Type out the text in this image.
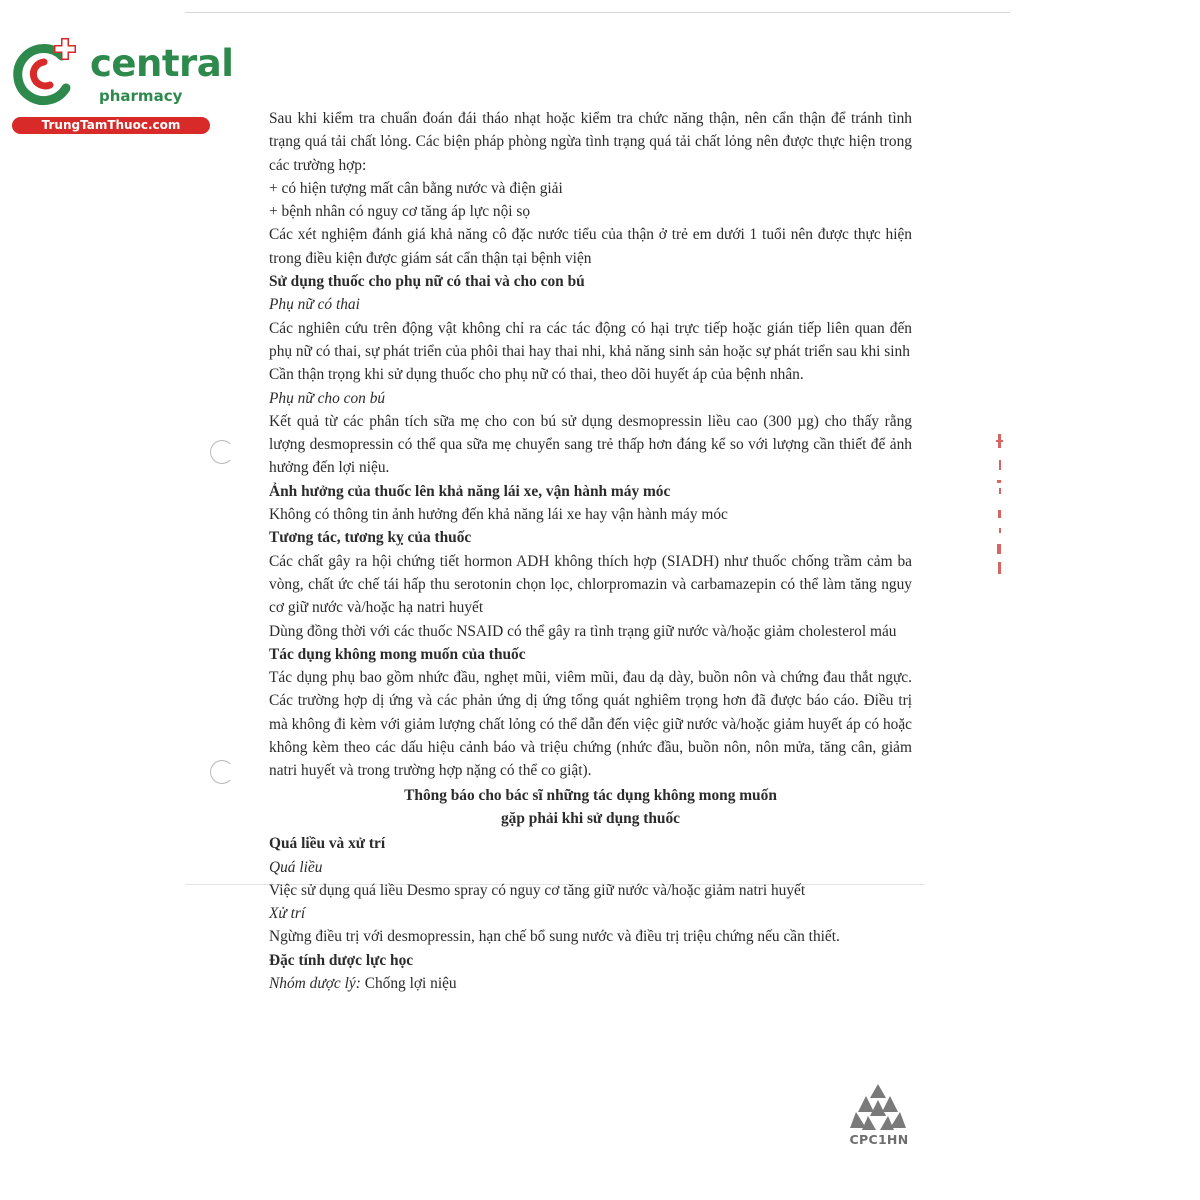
central
pharmacy
TrungTamThuoc.com	Sau khi kiểm tra chuẩn đoán đái tháo nhạt hoặc kiểm tra chức năng thận, nên cẩn thận để tránh tình trạng quá tải chất lỏng. Các biện pháp phòng ngừa tình trạng quá tải chất lỏng nên được thực hiện trong các trường hợp:

+ có hiện tượng mất cân bằng nước và điện giải

+ bệnh nhân có nguy cơ tăng áp lực nội sọ

Các xét nghiệm đánh giá khả năng cô đặc nước tiểu của thận ở trẻ em dưới 1 tuổi nên được thực hiện trong điều kiện được giám sát cẩn thận tại bệnh viện

Sử dụng thuốc cho phụ nữ có thai và cho con bú

Phụ nữ có thai

Các nghiên cứu trên động vật không chỉ ra các tác động có hại trực tiếp hoặc gián tiếp liên quan đến phụ nữ có thai, sự phát triển của phôi thai hay thai nhi, khả năng sinh sản hoặc sự phát triển sau khi sinh

Cần thận trọng khi sử dụng thuốc cho phụ nữ có thai, theo dõi huyết áp của bệnh nhân.

Phụ nữ cho con bú

Kết quả từ các phân tích sữa mẹ cho con bú sử dụng desmopressin liều cao (300 µg) cho thấy rằng lượng desmopressin có thể qua sữa mẹ chuyển sang trẻ thấp hơn đáng kể so với lượng cần thiết để ảnh hưởng đến lợi niệu.

Ảnh hưởng của thuốc lên khả năng lái xe, vận hành máy móc

Không có thông tin ảnh hưởng đến khả năng lái xe hay vận hành máy móc

Tương tác, tương kỵ của thuốc

Các chất gây ra hội chứng tiết hormon ADH không thích hợp (SIADH) như thuốc chống trầm cảm ba vòng, chất ức chế tái hấp thu serotonin chọn lọc, chlorpromazin và carbamazepin có thể làm tăng nguy cơ giữ nước và/hoặc hạ natri huyết

Dùng đồng thời với các thuốc NSAID có thể gây ra tình trạng giữ nước và/hoặc giảm cholesterol máu

Tác dụng không mong muốn của thuốc

Tác dụng phụ bao gồm nhức đầu, nghẹt mũi, viêm mũi, đau dạ dày, buồn nôn và chứng đau thắt ngực. Các trường hợp dị ứng và các phản ứng dị ứng tổng quát nghiêm trọng hơn đã được báo cáo. Điều trị mà không đi kèm với giảm lượng chất lỏng có thể dẫn đến việc giữ nước và/hoặc giảm huyết áp có hoặc không kèm theo các dấu hiệu cảnh báo và triệu chứng (nhức đầu, buồn nôn, nôn mửa, tăng cân, giảm natri huyết và trong trường hợp nặng có thể co giật).

Thông báo cho bác sĩ những tác dụng không mong muốn
gặp phải khi sử dụng thuốc

Quá liều và xử trí

Quá liều

Việc sử dụng quá liều Desmo spray có nguy cơ tăng giữ nước và/hoặc giảm natri huyết

Xử trí

Ngừng điều trị với desmopressin, hạn chế bổ sung nước và điều trị triệu chứng nếu cần thiết.

Đặc tính dược lực học

Nhóm dược lý: Chống lợi niệu

CPC1HN
